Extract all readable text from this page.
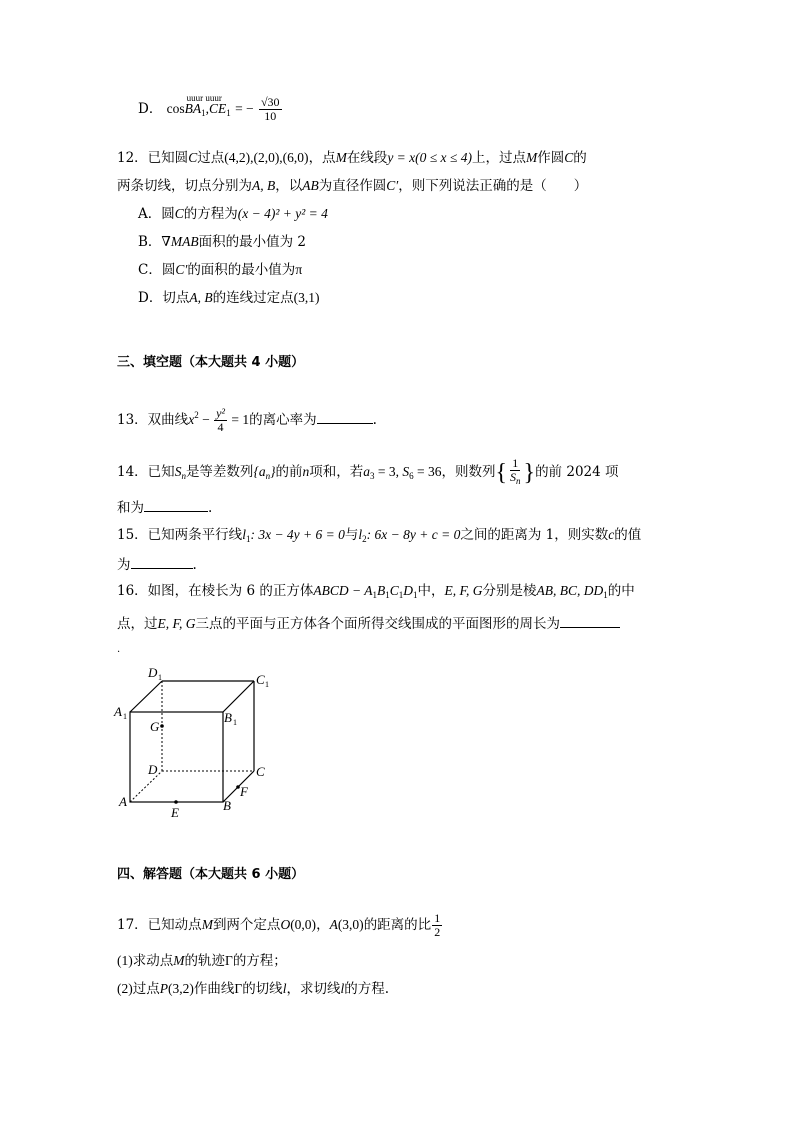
D． cos
uuur uuur
$BA_1,CE_1$ = − $\frac{√30}{10}$
12．已知圆C过点(4,2),(2,0),(6,0)，点M在线段y = x(0 ≤ x ≤ 4)上，过点M作圆C的
两条切线，切点分别为A, B，以AB为直径作圆C′，则下列说法正确的是（　　）
A．圆C的方程为(x − 4)² + y² = 4
B．∇MAB面积的最小值为 2
C．圆C′的面积的最小值为π
D．切点A, B的连线过定点(3,1)
三、填空题（本大题共 4 小题）
13．双曲线$x^2 - \frac{\text{y²}}{4} = 1$的离心率为	.
14．已知$S_n$是等差数列$\{a_n\}$的前n项和，若$a_3 = 3$, $S_6 = 36$，则数列{ $\frac{1}{S_n}$ }的前 2024 项
和为	.
15．已知两条平行线$l_1$: 3x − 4y + 6 = 0与$l_2$: 6x − 8y + c = 0之间的距离为 1，则实数c的值
为	.
16．如图，在棱长为 6 的正方体ABCD − $A_1B_1C_1D_1$中，E, F, G分别是棱AB, BC, $DD_1$的中
点，过E, F, G三点的平面与正方体各个面所得交线围成的平面图形的周长为
.
D 1	C 1
A 1	B 1
G
D	C
A	B
E
F
四、解答题（本大题共 6 小题）
17．已知动点M到两个定点O(0,0)，A(3,0)的距离的比 $\frac{1}{2}$
(1)求动点M的轨迹Γ的方程；
(2)过点P(3,2)作曲线Γ的切线l，求切线l的方程.
